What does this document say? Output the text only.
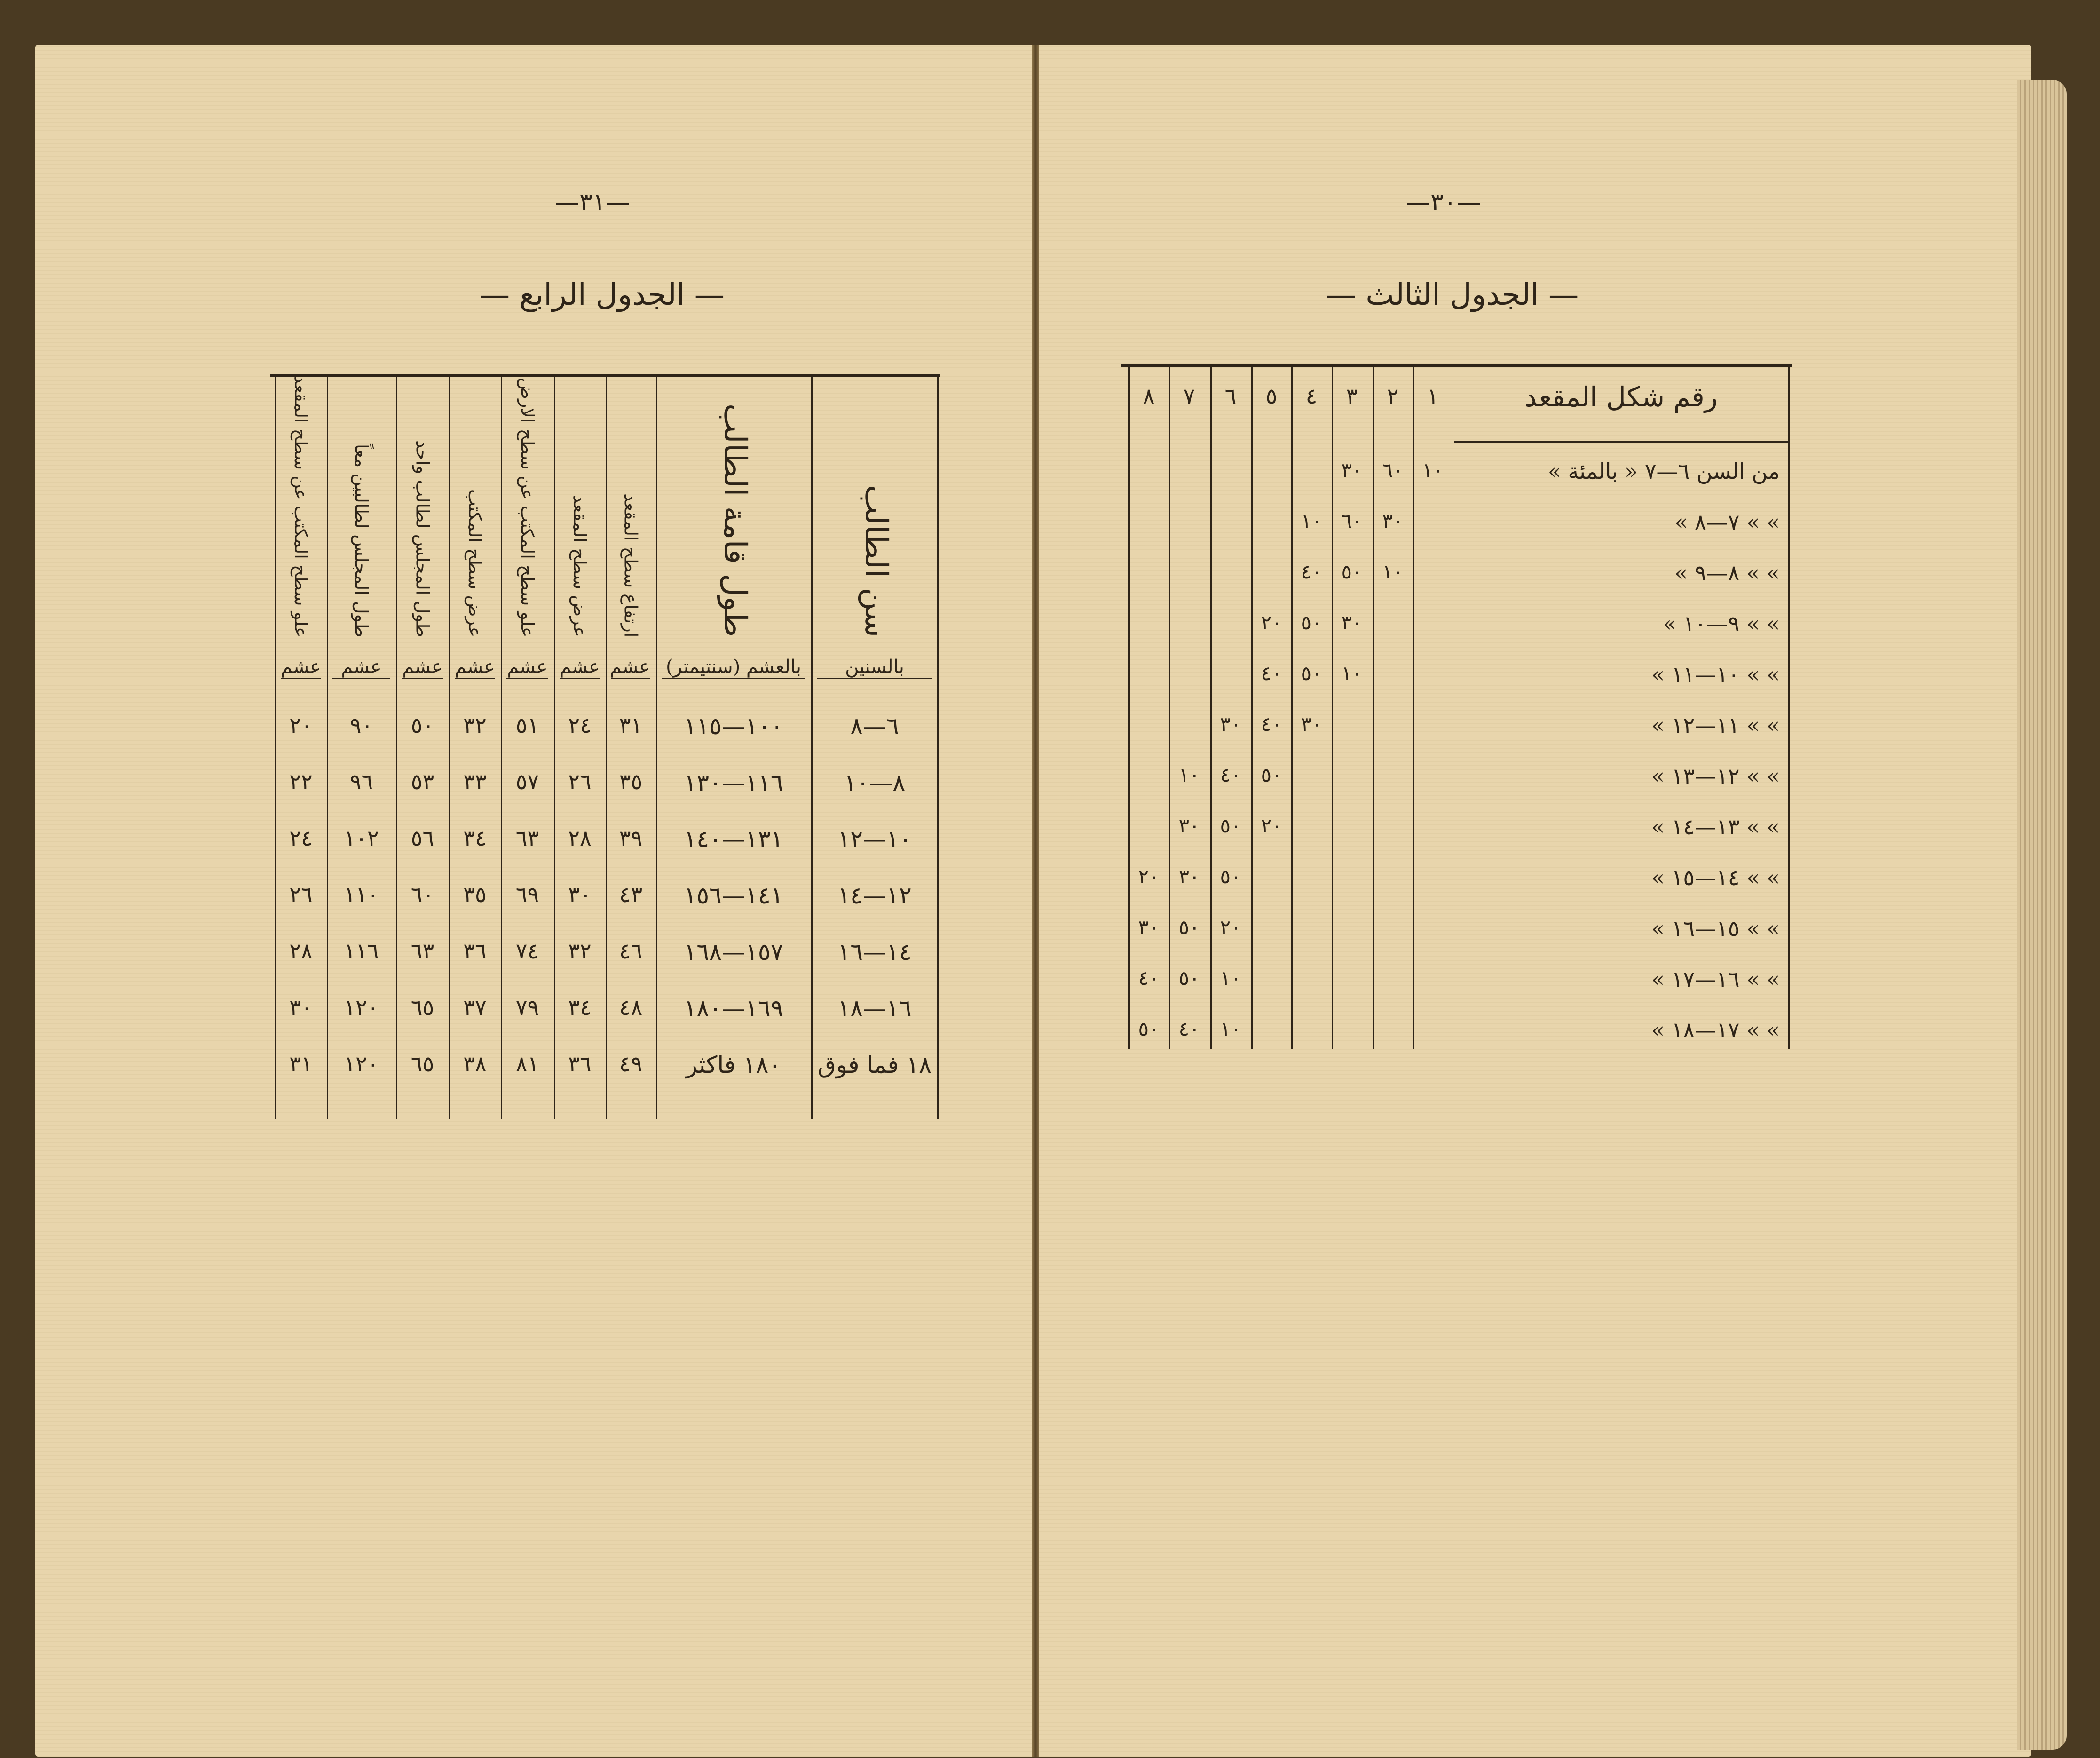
—٣١—
— الجدول الرابع —
سن الطالب
طول قامة الطالب
ارتفاع سطح المقعد
عرض سطح المقعد
علو سطح المكتب عن سطح الارض
عرض سطح المكتب
طول المجلس لطالب واحد
طول المجلس لطالبين معاً
علو سطح المكتب عن سطح المقعد
بالسنين
بالعشم (سنتيمتر)
عشم
عشم
عشم
عشم
عشم
عشم
عشم
٦—٨
١٠٠—١١٥
٣١
٢٤
٥١
٣٢
٥٠
٩٠
٢٠
٨—١٠
١١٦—١٣٠
٣٥
٢٦
٥٧
٣٣
٥٣
٩٦
٢٢
١٠—١٢
١٣١—١٤٠
٣٩
٢٨
٦٣
٣٤
٥٦
١٠٢
٢٤
١٢—١٤
١٤١—١٥٦
٤٣
٣٠
٦٩
٣٥
٦٠
١١٠
٢٦
١٤—١٦
١٥٧—١٦٨
٤٦
٣٢
٧٤
٣٦
٦٣
١١٦
٢٨
١٦—١٨
١٦٩—١٨٠
٤٨
٣٤
٧٩
٣٧
٦٥
١٢٠
٣٠
١٨ فما فوق
١٨٠ فاكثر
٤٩
٣٦
٨١
٣٨
٦٥
١٢٠
٣١
—٣٠—
— الجدول الثالث —
رقم شكل المقعد
١
٢
٣
٤
٥
٦
٧
٨
من السن ٦—٧ « بالمئة »
١٠
٦٠
٣٠
» » ٧—٨ »
٣٠
٦٠
١٠
» » ٨—٩ »
١٠
٥٠
٤٠
» » ٩—١٠ »
٣٠
٥٠
٢٠
» » ١٠—١١ »
١٠
٥٠
٤٠
» » ١١—١٢ »
٣٠
٤٠
٣٠
» » ١٢—١٣ »
٥٠
٤٠
١٠
» » ١٣—١٤ »
٢٠
٥٠
٣٠
» » ١٤—١٥ »
٥٠
٣٠
٢٠
» » ١٥—١٦ »
٢٠
٥٠
٣٠
» » ١٦—١٧ »
١٠
٥٠
٤٠
» » ١٧—١٨ »
١٠
٤٠
٥٠
